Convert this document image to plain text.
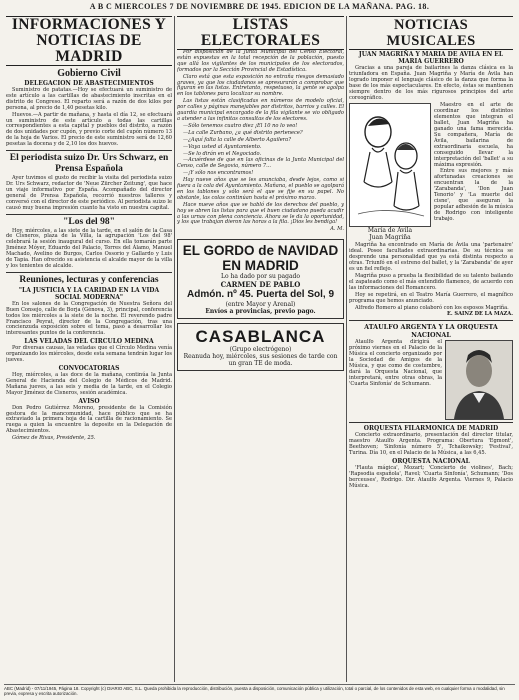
A B C MIERCOLES 7 DE NOVIEMBRE DE 1945. EDICION DE LA MAÑANA. PAG. 18.
INFORMACIONES Y NOTICIAS DE MADRID
Gobierno Civil
DELEGACION DE ABASTECIMIENTOS

Suministro de patatas.—Hoy se efectuará un suministro de este artículo a las cartillas de abastecimiento inscritas en el distrito de Congreso. El reparto será a razón de dos kilos por persona, al precio de 1,40 pesetas kilo.

Huevos.—A partir de mañana, y hasta el día 12, se efectuará un suministro de este artículo a todas las cartillas correspondientes a esta capital y pueblos del distrito, a razón de dos unidades por cupón, y previo corte del cupón número 13 de la hoja de Varios. El precio de este suministro será de 12,60 pesetas la docena y de 2,10 los dos huevos.

El periodista suizo Dr. Urs Schwarz, en Prensa Española

Ayer tuvimos el gusto de recibir la visita del periodista suizo Dr. Urs Schwarz, redactor de 'Neue Zürcher Zeitung', que hace un viaje informativo por España. Acompañado del director general de Prensa Española, recorrió nuestros talleres y conversó con el director de este periódico. Al periodista suizo le causó muy buena impresión cuanto ha visto en nuestra capital.

"Los del 98"

Hoy, miércoles, a las siete de la tarde, en el salón de la Casa de Cisneros, plaza de la Villa, la agrupación 'Los del 98' celebrará la sesión inaugural del curso. En ella tomarán parte Jiménez Móyer, Eduardo del Palacio, Torres del Álamo, Manuel Machado, Avelino de Burgos, Carlos Ossorio y Gallardo y Luis de Tapia. Han ofrecido su asistencia el alcalde mayor de la villa y los tenientes de alcalde.

Reuniones, lecturas y conferencias
"LA JUSTICIA Y LA CARIDAD EN LA VIDA SOCIAL MODERNA"

En los salones de la Congregación de Nuestra Señora del Buen Consejo, calle de Borja (Génova, 3), principal, conferencia todos los miércoles a la siete de la noche. El reverendo padre Francisco Peyrat, director de la Congregación, tras una concienzuda exposición sobre el tema, pasó a desarrollar los interesantes puntos de la conferencia.

LAS VELADAS DEL CIRCULO MEDINA

Por diversas causas, las veladas que el Círculo Medina venía organizando los miércoles, desde esta semana tendrán lugar los jueves.

CONVOCATORIAS

Hoy, miércoles, a las doce de la mañana, continúa la Junta General de Hacienda del Colegio de Médicos de Madrid. Mañana jueves, a las seis y media de la tarde, en el Colegio Mayor Jiménez de Cisneros, sesión académica.

AVISO

Don Pedro Gutiérrez Moreno, presidente de la Comisión gestora de la mancomunidad, hace público que se ha extraviado la primera hoja de la cartilla de racionamiento. Se ruega a quien la encuentre la deposite en la Delegación de Abastecimientos.

Gómez de Rivas, Presidente, 25.

LISTAS ELECTORALES

Por disposición de la Junta Municipal del Censo Electoral, están expuestas en la total recepción de la población, puesto que allá los vigilantes de los municipales de los electorados, formados por la Sección Provincial de Estadística.

Claro está que esta exposición no entraña riesgos demasiado graves, ya que los ciudadanos se apresurarán a comprobar que figuran en las listas. Entretanto, respetuoso, la gente se agolpa en los tablones para localizar su nombre.

Las listas están clasificadas en números de modelo oficial, por calles y páginas manejables por distritos, barrios y calles. El guardia municipal encargado de la fila vigilante se vio obligado a atender a las infinitas consultas de los electores.

—Sólo tenemos cuatro diez ¡El 10 no lo veo!

—La calle Zurbano, ¿a qué distrito pertenece?

—¿Aquí falta la calle de Alberto Aguilera?

—Vaya usted al Ayuntamiento.

—Se lo dirán en el Negociado.

—Acuérdese de que en las oficinas de la Junta Municipal del Censo, calle de Segovia, número 7...

—¡Y sólo nos encontramos!

Hay nueve años que se les anunciaba, desde lejos, como si fuera a la cola del Ayuntamiento. Mañana, el pueblo se agolpará en los tablones y sólo será el que se fije en su papel. No obstante, las colas continúan hasta el próximo marzo.

Hace nueve años que se habló de los derechos del pueblo, y hoy se abren las listas para que el buen ciudadano pueda acudir a las urnas con plena conciencia. Ahora se le da la oportunidad, y los que trabajan dieron las horas a la fila. ¡Dios les bendiga!

A. M.

EL GORDO de NAVIDAD EN MADRID
Lo ha dado por su pagado
CARMEN DE PABLO
Admón. nº 45. Puerta del Sol, 9
(entre Mayor y Arenal)
Envíos a provincias, previo pago.
CASABLANCA
(Grupo electrógeno)
Reanuda hoy, miércoles, sus sesiones de tarde con un gran TE de moda.
NOTICIAS MUSICALES
JUAN MAGRIÑA Y MARIA DE AVILA EN EL MARIA GUERRERO

Gracias a una pareja de bailarines la danza clásica es la triunfadora en España. Juan Magriña y María de Ávila han logrado imponer el lenguaje clásico de la danza que forma la base de los más espectaculares. En efecto, éstas se mantienen siempre dentro de los más rigurosos principios del arte coreográfico.

María de Ávila
Juan Magriña

Maestro en el arte de coordinar los distintos elementos que integran el ballet, Juan Magriña ha ganado una fama merecida. Su compañera, María de Ávila, bailarina de extraordinaria escuela, ha conseguido llevar la interpretación del 'ballet' a su máxima expresión.

Entre sus mejores y más afortunadas creaciones se encuentran la de la 'Zarabanda', 'Don Juan Tenorio' y 'La muerte del cisne', que aseguran la popular adhesión de la música de Rodrigo con inteligente trabajo.

Magriña ha encontrado en María de Ávila una 'partenaire' ideal. Posee facultades extraordinarias. De su técnica se desprende una personalidad que ya está distinta respecto a otras. Triunfó en el estreno del ballet, y la 'Zarabanda' de ayer es un fiel reflejo.

Magriña puso a prueba la flexibilidad de su talento bailando el zapateado como el más entendido flamenco, de acuerdo con las informaciones del Romancero.

Hoy se repetirá, en el Teatro María Guerrero, el magnífico programa que hemos anunciado.

Alfredo Romero al piano colaboró con los esposos Magriña.

E. SAINZ DE LA MAZA.

ATAULFO ARGENTA Y LA ORQUESTA NACIONAL

Ataulfo Argenta dirigirá el próximo viernes en el Palacio de la Música el concierto organizado por la Sociedad de Amigos de la Música, y que como de costumbre, dará la Orquesta Nacional, que interpretará, entre otras obras, la 'Cuarta Sinfonía' de Schumann.

ORQUESTA FILARMONICA DE MADRID

Concierto extraordinario, presentación del director titular, maestro Ataulfo Argenta. Programa: Obertura 'Egmont', Beethoven; 'Sinfonía número 5', Tchaikowsky; 'Festival', Turina. Día 10, en el Palacio de la Música, a las 6,45.

ORQUESTA NACIONAL

'Flauta mágica', Mozart; 'Concierto de violines', Bach; 'Rapsodia española', Ravel; 'Cuarta Sinfonía', Schumann; 'Dos berceuses', Rodrigo. Dir. Ataulfo Argenta. Viernes 9, Palacio Música.

ABC (Madrid) - 07/11/1945, Página 18. Copyright (c) DIARIO ABC, S.L. Queda prohibida la reproducción, distribución, puesta a disposición, comunicación pública y utilización, total o parcial, de los contenidos de esta web, en cualquier forma o modalidad, sin previa, expresa y escrita autorización.
